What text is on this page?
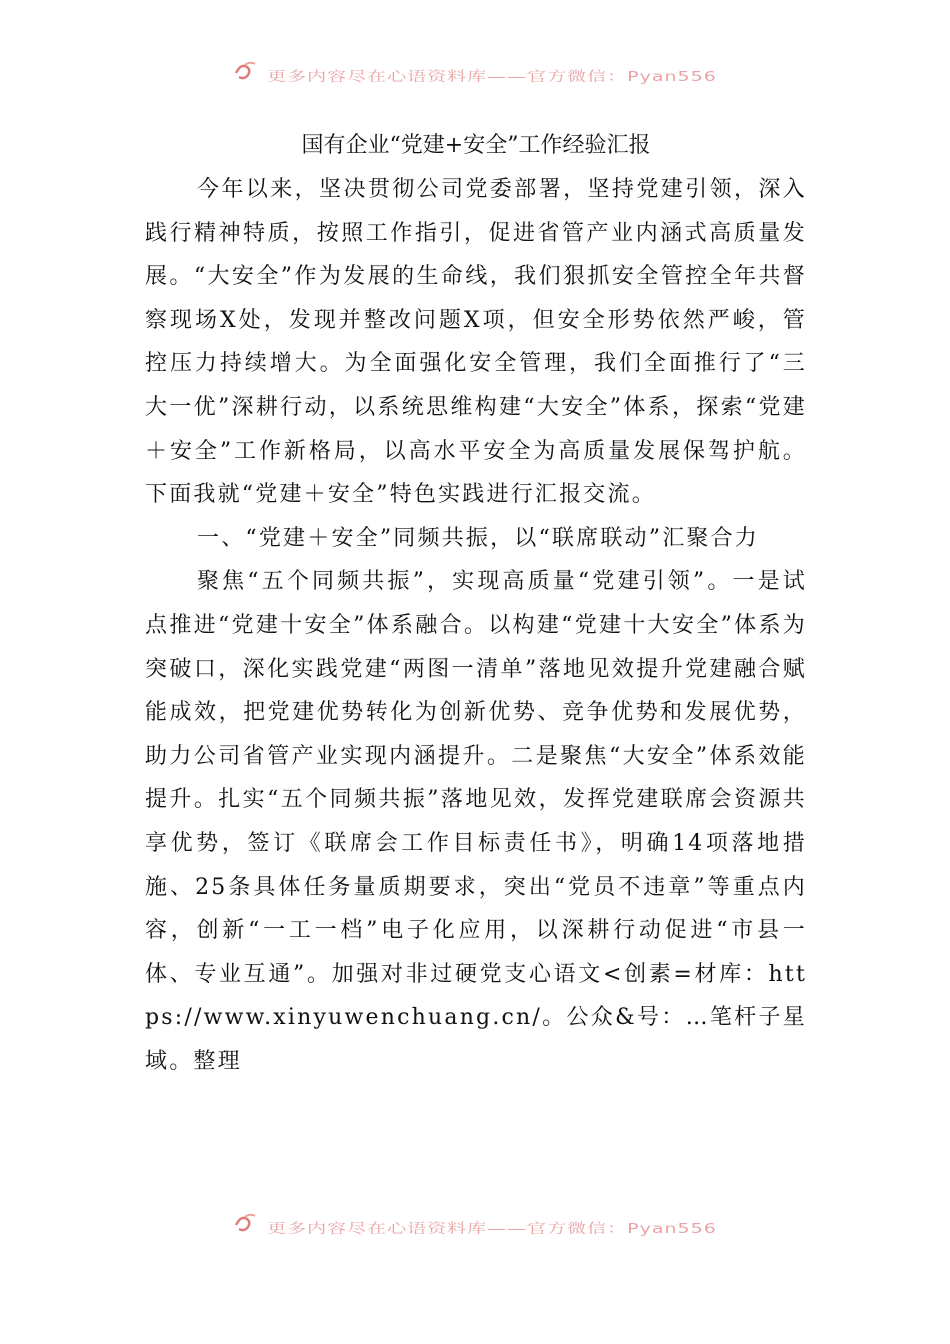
更多内容尽在心语资料库——官方微信：Pyan556
国有企业“党建+安全”工作经验汇报

今年以来，坚决贯彻公司党委部署，坚持党建引领，深入践行精神特质，按照工作指引，促进省管产业内涵式高质量发展。“大安全”作为发展的生命线，我们狠抓安全管控全年共督察现场X处，发现并整改问题X项，但安全形势依然严峻，管控压力持续增大。为全面强化安全管理，我们全面推行了“三大一优”深耕行动，以系统思维构建“大安全”体系，探索“党建＋安全”工作新格局，以高水平安全为高质量发展保驾护航。下面我就“党建＋安全”特色实践进行汇报交流。

一、“党建＋安全”同频共振，以“联席联动”汇聚合力

聚焦“五个同频共振”，实现高质量“党建引领”。一是试点推进“党建十安全”体系融合。以构建“党建十大安全”体系为突破口，深化实践党建“两图一清单”落地见效提升党建融合赋能成效，把党建优势转化为创新优势、竞争优势和发展优势，助力公司省管产业实现内涵提升。二是聚焦“大安全”体系效能提升。扎实“五个同频共振”落地见效，发挥党建联席会资源共享优势，签订《联席会工作目标责任书》，明确14项落地措施、25条具体任务量质期要求，突出“党员不违章”等重点内容，创新“一工一档”电子化应用，以深耕行动促进“市县一体、专业互通”。加强对非过硬党支心语文<创素=材库：https://www.xinyuwenchuang.cn/。公众&号：…笔杆子星域。整理

更多内容尽在心语资料库——官方微信：Pyan556
